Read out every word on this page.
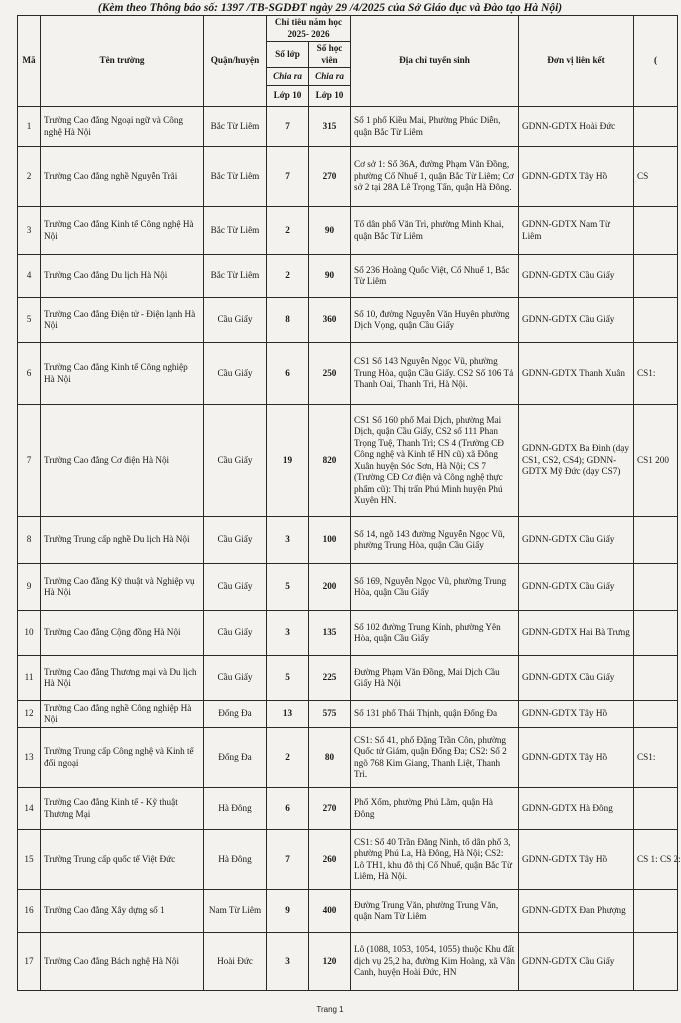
(Kèm theo Thông báo số: 1397 /TB-SGDĐT ngày 29 /4/2025 của Sở Giáo dục và Đào tạo Hà Nội)
Mã	Tên trường	Quận/huyện	Chỉ tiêu năm học 2025- 2026		Địa chỉ tuyển sinh	Đơn vị liên kết	(
			Số lớp	Số học viên			
			Chia ra	Chia ra			
			Lớp 10	Lớp 10			
1	Trường Cao đẳng Ngoại ngữ và Công nghệ Hà Nội	Bắc Từ Liêm	7	315	Số 1 phố Kiều Mai, Phường Phúc Diễn, quận Bắc Từ Liêm	GDNN-GDTX Hoài Đức	
2	Trường Cao đẳng nghề Nguyễn Trãi	Bắc Từ Liêm	7	270	Cơ sở 1: Số 36A, đường Phạm Văn Đồng, phường Cổ Nhuế 1, quận Bắc Từ Liêm; Cơ sở 2 tại 28A Lê Trọng Tấn, quận Hà Đông.	GDNN-GDTX Tây Hồ	CS
3	Trường Cao đẳng Kinh tế Công nghệ Hà Nội	Bắc Từ Liêm	2	90	Tổ dân phố Văn Trì, phường Minh Khai, quận Bắc Từ Liêm	GDNN-GDTX Nam Từ Liêm	
4	Trường Cao đẳng Du lịch Hà Nội	Bắc Từ Liêm	2	90	Số 236 Hoàng Quốc Việt, Cổ Nhuế 1, Bắc Từ Liêm	GDNN-GDTX Cầu Giấy	
5	Trường Cao đẳng Điện tử - Điện lạnh Hà Nội	Cầu Giấy	8	360	Số 10, đường Nguyễn Văn Huyên phường Dịch Vọng, quận Cầu Giấy	GDNN-GDTX Cầu Giấy	
6	Trường Cao đẳng Kinh tế Công nghiệp Hà Nội	Cầu Giấy	6	250	CS1 Số 143 Nguyễn Ngọc Vũ, phường Trung Hòa, quận Cầu Giấy. CS2 Số 106 Tả Thanh Oai, Thanh Trì, Hà Nội.	GDNN-GDTX Thanh Xuân	CS1:
7	Trường Cao đẳng Cơ điện Hà Nội	Cầu Giấy	19	820	CS1 Số 160 phố Mai Dịch, phường Mai Dịch, quận Cầu Giấy, CS2 số 111 Phan Trọng Tuệ, Thanh Trì; CS 4 (Trường CĐ Công nghệ và Kinh tế HN cũ) xã Đông Xuân huyện Sóc Sơn, Hà Nội; CS 7 (Trường CĐ Cơ điện và Công nghệ thực phẩm cũ): Thị trấn Phú Minh huyện Phú Xuyên HN.	GDNN-GDTX Ba Đình (dạy CS1, CS2, CS4); GDNN-GDTX Mỹ Đức (dạy CS7)	CS1 200
8	Trường Trung cấp nghề Du lịch Hà Nội	Cầu Giấy	3	100	Số 14, ngõ 143 đường Nguyễn Ngọc Vũ, phường Trung Hòa, quận Cầu Giấy	GDNN-GDTX Cầu Giấy	
9	Trường Cao đẳng Kỹ thuật và Nghiệp vụ Hà Nội	Cầu Giấy	5	200	Số 169, Nguyễn Ngọc Vũ, phường Trung Hòa, quận Cầu Giấy	GDNN-GDTX Cầu Giấy	
10	Trường Cao đẳng Cộng đồng Hà Nội	Cầu Giấy	3	135	Số 102 đường Trung Kính, phường Yên Hòa, quận Cầu Giấy	GDNN-GDTX Hai Bà Trưng	
11	Trường Cao đẳng Thương mại và Du lịch Hà Nội	Cầu Giấy	5	225	Đường Phạm Văn Đồng, Mai Dịch Cầu Giấy Hà Nội	GDNN-GDTX Cầu Giấy	
12	Trường Cao đẳng nghề Công nghiệp Hà Nội	Đống Đa	13	575	Số 131 phố Thái Thịnh, quận Đống Đa	GDNN-GDTX Tây Hồ	
13	Trường Trung cấp Công nghệ và Kinh tế đối ngoại	Đống Đa	2	80	CS1: Số 41, phố Đặng Trần Côn, phường Quốc tử Giám, quận Đống Đa; CS2: Số 2 ngõ 768 Kim Giang, Thanh Liệt, Thanh Trì.	GDNN-GDTX Tây Hồ	CS1:
14	Trường Cao đẳng Kinh tế - Kỹ thuật Thương Mại	Hà Đông	6	270	Phố Xốm, phường Phú Lãm, quận Hà Đông	GDNN-GDTX Hà Đông	
15	Trường Trung cấp quốc tế Việt Đức	Hà Đông	7	260	CS1: Số 40 Trần Đăng Ninh, tổ dân phố 3, phường Phú La, Hà Đông, Hà Nội; CS2: Lô TH1, khu đô thị Cổ Nhuế, quận Bắc Từ Liêm, Hà Nội.	GDNN-GDTX Tây Hồ	CS 1: CS 2:
16	Trường Cao đẳng Xây dựng số 1	Nam Từ Liêm	9	400	Đường Trung Văn, phường Trung Văn, quận Nam Từ Liêm	GDNN-GDTX Đan Phượng	
17	Trường Cao đẳng Bách nghệ Hà Nội	Hoài Đức	3	120	Lô (1088, 1053, 1054, 1055) thuộc Khu đất dịch vụ 25,2 ha, đường Kim Hoàng, xã Vân Canh, huyện Hoài Đức, HN	GDNN-GDTX Cầu Giấy	
Trang 1
